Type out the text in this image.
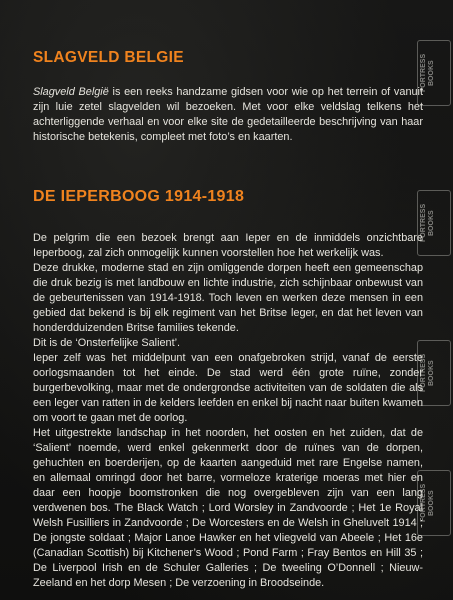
SLAGVELD BELGIE

Slagveld België is een reeks handzame gidsen voor wie op het terrein of vanuit zijn luie zetel slagvelden wil bezoeken. Met voor elke veldslag telkens het achterliggende verhaal en voor elke site de gedetailleerde beschrijving van haar historische betekenis, compleet met foto’s en kaarten.

DE IEPERBOOG 1914-1918

De pelgrim die een bezoek brengt aan Ieper en de inmiddels onzichtbare Ieperboog, zal zich onmogelijk kunnen voorstellen hoe het werkelijk was.

Deze drukke, moderne stad en zijn omliggende dorpen heeft een gemeenschap die druk bezig is met landbouw en lichte industrie, zich schijnbaar onbewust van de gebeurtenissen van 1914-1918. Toch leven en werken deze mensen in een gebied dat bekend is bij elk regiment van het Britse leger, en dat het leven van honderdduizenden Britse families tekende.

Dit is de ‘Onsterfelijke Salient’.

Ieper zelf was het middelpunt van een onafgebroken strijd, vanaf de eerste oorlogsmaanden tot het einde. De stad werd één grote ruïne, zonder burgerbevolking, maar met de ondergrondse activiteiten van de soldaten die als een leger van ratten in de kelders leefden en enkel bij nacht naar buiten kwamen om voort te gaan met de oorlog.

Het uitgestrekte landschap in het noorden, het oosten en het zuiden, dat de ‘Salient’ noemde, werd enkel gekenmerkt door de ruïnes van de dorpen, gehuchten en boerderijen, op de kaarten aangeduid met rare Engelse namen, en allemaal omringd door het barre, vormeloze kraterige moeras met hier en daar een hoopje boomstronken die nog overgebleven zijn van een lang verdwenen bos. The Black Watch ; Lord Worsley in Zandvoorde ; Het 1e Royal Welsh Fusilliers in Zandvoorde ; De Worcesters en de Welsh in Gheluvelt 1914 ; De jongste soldaat ; Major Lanoe Hawker en het vliegveld van Abeele ; Het 16e (Canadian Scottish) bij Kitchener’s Wood ; Pond Farm ; Fray Bentos en Hill 35 ; De Liverpool Irish en de Schuler Galleries ; De tweeling O’Donnell ; Nieuw-Zeeland en het dorp Mesen ; De verzoening in Broodseinde.

FORTRESS BOOKS
FORTRESS BOOKS
FORTRESS BOOKS
FORTRESS BOOKS
